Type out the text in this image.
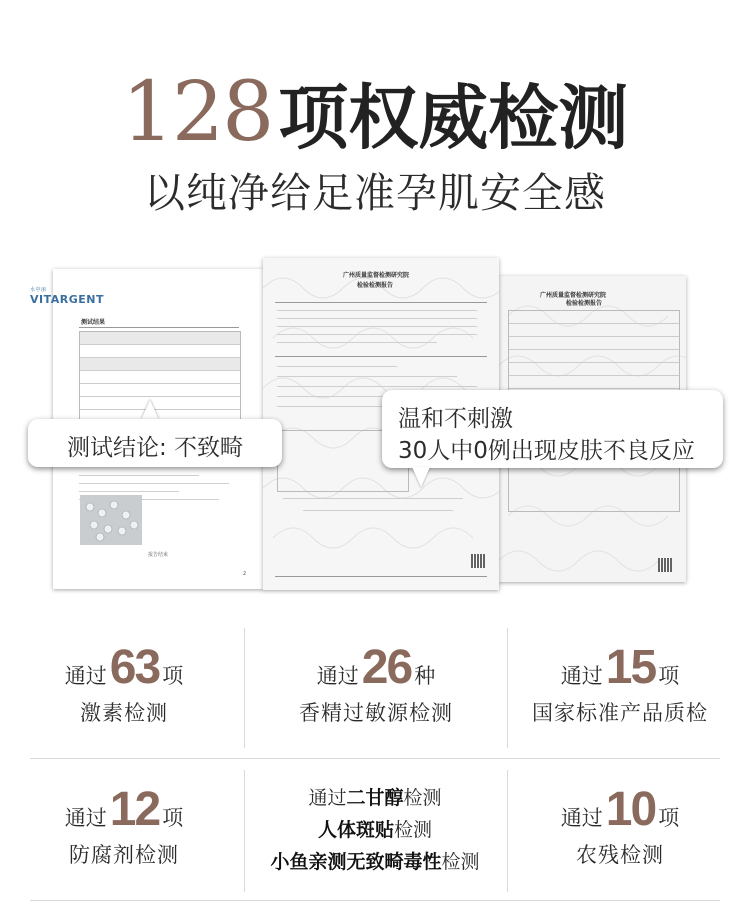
128项权威检测
以纯净给足准孕肌安全感
测试结果
报告结束
2
水中丽
VITARGENT	广州质量监督检测研究院
检验检测报告
广州质量监督检测研究院
检验检测报告
测试结论: 不致畸
温和不刺激
30人中0例出现皮肤不良反应
通过63 项
激素检测
通过26 种
香精过敏源检测
通过15 项
国家标准产品质检
通过12 项
防腐剂检测
通过二甘醇检测
人体斑贴检测
小鱼亲测无致畸毒性检测
通过10 项
农残检测
